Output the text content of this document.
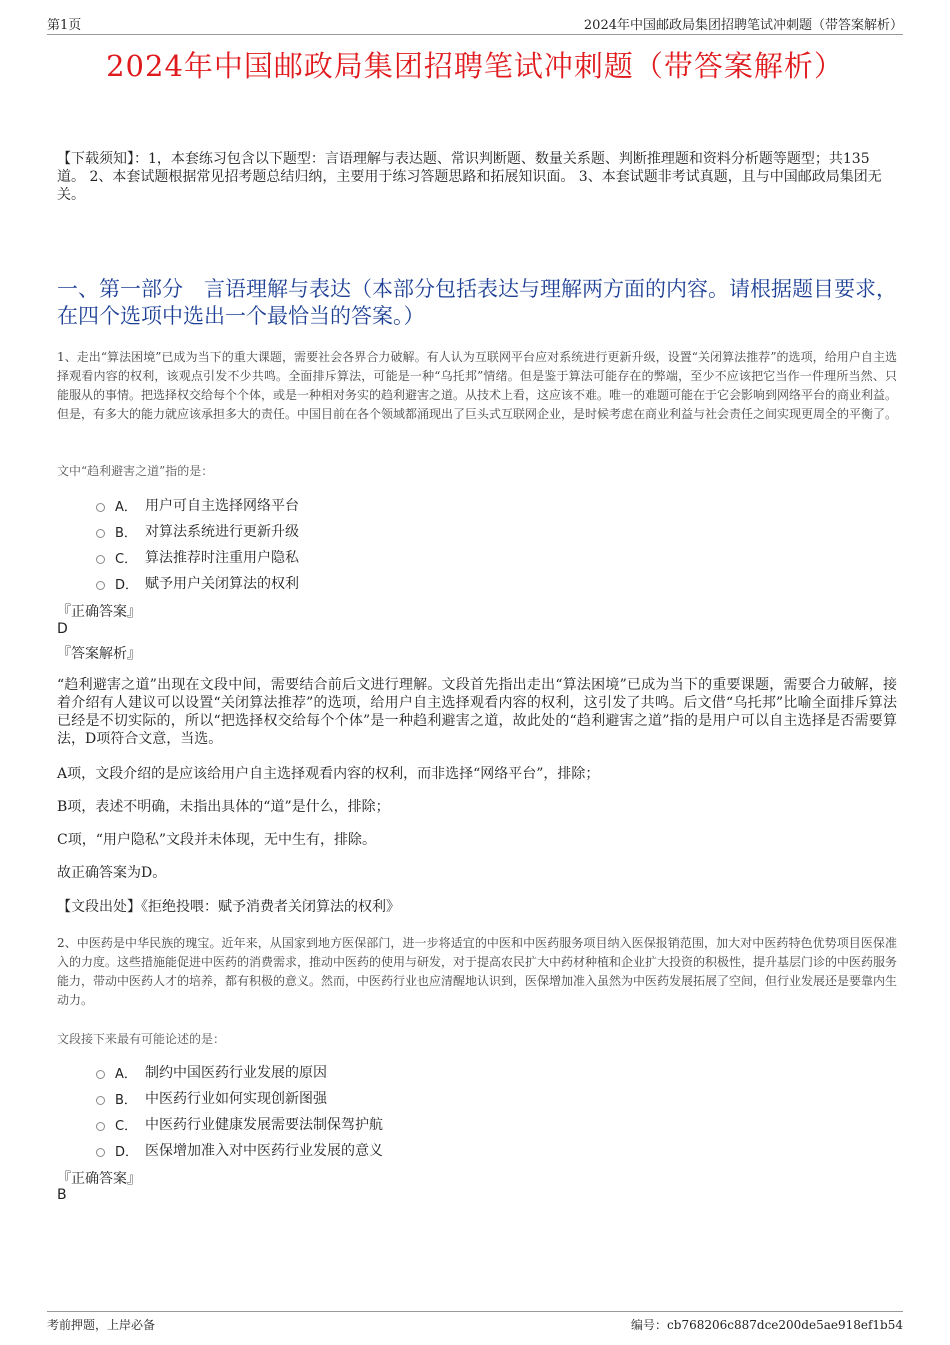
第1页	2024年中国邮政局集团招聘笔试冲刺题（带答案解析）
2024年中国邮政局集团招聘笔试冲刺题（带答案解析）
【下载须知】：1，本套练习包含以下题型：言语理解与表达题、常识判断题、数量关系题、判断推理题和资料分析题等题型；共135道。 2、本套试题根据常见招考题总结归纳，主要用于练习答题思路和拓展知识面。 3、本套试题非考试真题，且与中国邮政局集团无关。
一、第一部分　言语理解与表达（本部分包括表达与理解两方面的内容。请根据题目要求，在四个选项中选出一个最恰当的答案。）
1、走出“算法困境”已成为当下的重大课题，需要社会各界合力破解。有人认为互联网平台应对系统进行更新升级，设置“关闭算法推荐”的选项，给用户自主选择观看内容的权利，该观点引发不少共鸣。全面排斥算法，可能是一种“乌托邦”情绪。但是鉴于算法可能存在的弊端，至少不应该把它当作一件理所当然、只能服从的事情。把选择权交给每个个体，或是一种相对务实的趋利避害之道。从技术上看，这应该不难。唯一的难题可能在于它会影响到网络平台的商业利益。但是，有多大的能力就应该承担多大的责任。中国目前在各个领域都涌现出了巨头式互联网企业，是时候考虑在商业利益与社会责任之间实现更周全的平衡了。
文中“趋利避害之道”指的是：
A． 用户可自主选择网络平台
B． 对算法系统进行更新升级
C． 算法推荐时注重用户隐私
D． 赋予用户关闭算法的权利
『正确答案』
D
『答案解析』
“趋利避害之道”出现在文段中间，需要结合前后文进行理解。文段首先指出走出“算法困境”已成为当下的重要课题，需要合力破解，接着介绍有人建议可以设置“关闭算法推荐”的选项，给用户自主选择观看内容的权利，这引发了共鸣。后文借“乌托邦”比喻全面排斥算法已经是不切实际的，所以“把选择权交给每个个体”是一种趋利避害之道，故此处的“趋利避害之道”指的是用户可以自主选择是否需要算法，D项符合文意，当选。
A项，文段介绍的是应该给用户自主选择观看内容的权利，而非选择“网络平台”，排除；
B项，表述不明确，未指出具体的“道”是什么，排除；
C项，“用户隐私”文段并未体现，无中生有，排除。
故正确答案为D。
【文段出处】《拒绝投喂：赋予消费者关闭算法的权利》
2、中医药是中华民族的瑰宝。近年来，从国家到地方医保部门，进一步将适宜的中医和中医药服务项目纳入医保报销范围，加大对中医药特色优势项目医保准入的力度。这些措施能促进中医药的消费需求，推动中医药的使用与研发，对于提高农民扩大中药材种植和企业扩大投资的积极性，提升基层门诊的中医药服务能力，带动中医药人才的培养，都有积极的意义。然而，中医药行业也应清醒地认识到，医保增加准入虽然为中医药发展拓展了空间，但行业发展还是要靠内生动力。
文段接下来最有可能论述的是：
A． 制约中国医药行业发展的原因
B． 中医药行业如何实现创新图强
C． 中医药行业健康发展需要法制保驾护航
D． 医保增加准入对中医药行业发展的意义
『正确答案』
B
考前押题，上岸必备	编号：cb768206c887dce200de5ae918ef1b54
